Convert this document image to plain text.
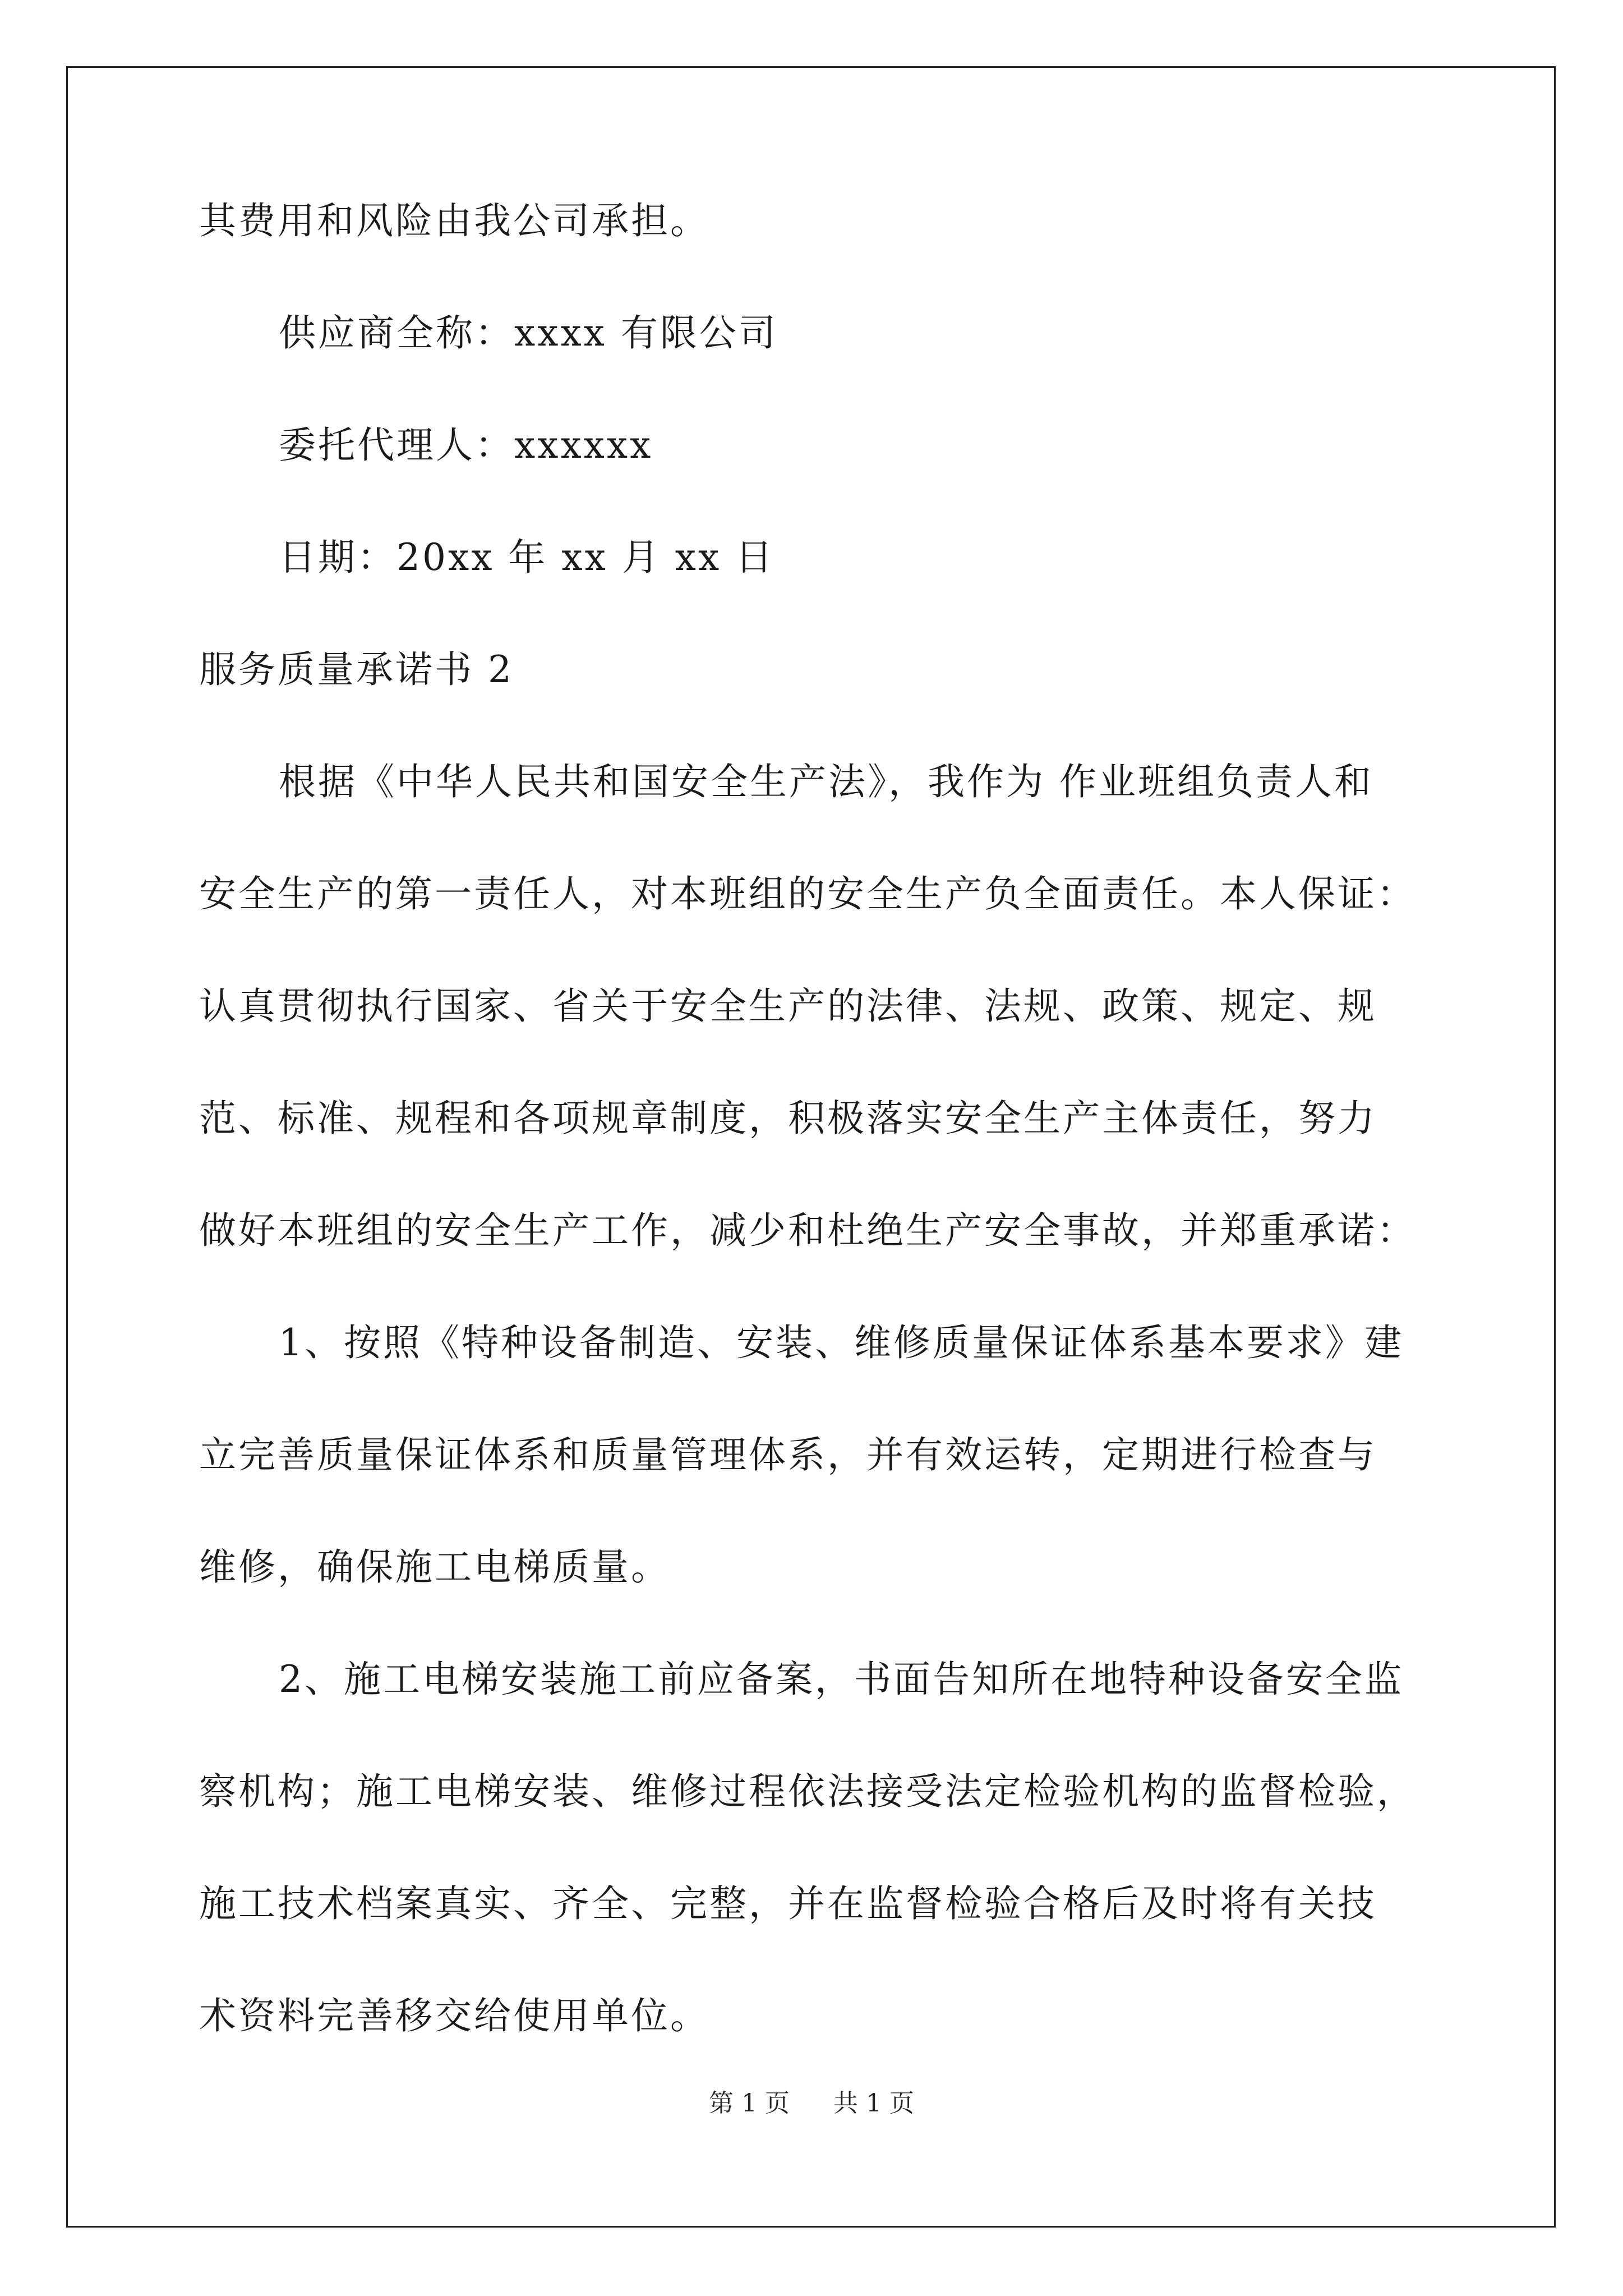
其费用和风险由我公司承担。
供应商全称：xxxx 有限公司
委托代理人：xxxxxx
日期：20xx 年 xx 月 xx 日
服务质量承诺书 2
根据《中华人民共和国安全生产法》，我作为 作业班组负责人和
安全生产的第一责任人，对本班组的安全生产负全面责任。本人保证：
认真贯彻执行国家、省关于安全生产的法律、法规、政策、规定、规
范、标准、规程和各项规章制度，积极落实安全生产主体责任，努力
做好本班组的安全生产工作，减少和杜绝生产安全事故，并郑重承诺：
1、按照《特种设备制造、安装、维修质量保证体系基本要求》建
立完善质量保证体系和质量管理体系，并有效运转，定期进行检查与
维修，确保施工电梯质量。
2、施工电梯安装施工前应备案，书面告知所在地特种设备安全监
察机构；施工电梯安装、维修过程依法接受法定检验机构的监督检验，
施工技术档案真实、齐全、完整，并在监督检验合格后及时将有关技
术资料完善移交给使用单位。
第 1 页 共 1 页
